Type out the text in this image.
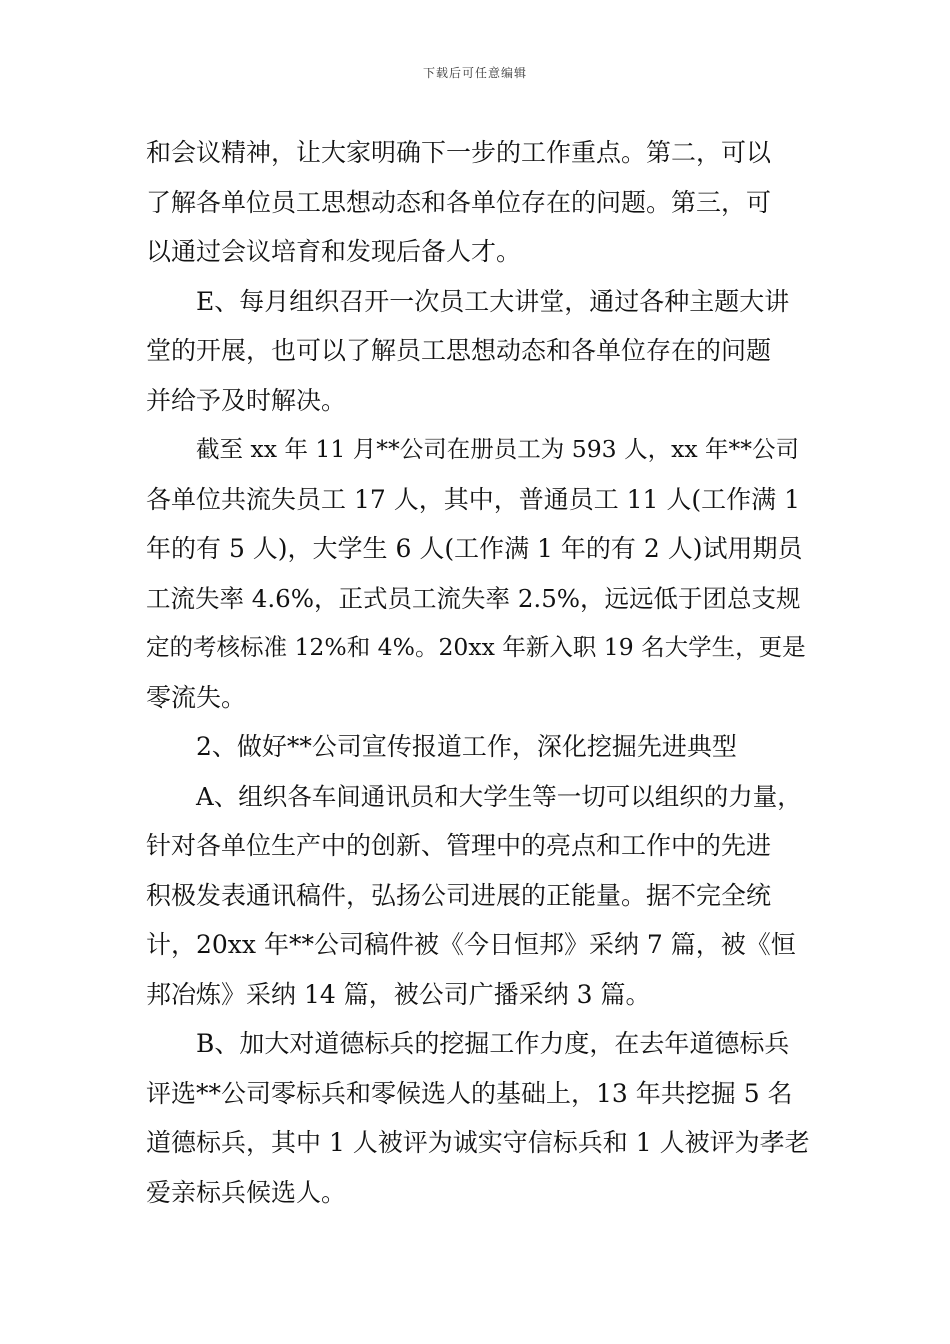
下载后可任意编辑
和会议精神，让大家明确下一步的工作重点。第二，可以
了解各单位员工思想动态和各单位存在的问题。第三，可
以通过会议培育和发现后备人才。
E、每月组织召开一次员工大讲堂，通过各种主题大讲
堂的开展，也可以了解员工思想动态和各单位存在的问题
并给予及时解决。
截至 xx 年 11 月**公司在册员工为 593 人，xx 年**公司
各单位共流失员工 17 人，其中，普通员工 11 人(工作满 1
年的有 5 人)，大学生 6 人(工作满 1 年的有 2 人)试用期员
工流失率 4.6%，正式员工流失率 2.5%，远远低于团总支规
定的考核标准 12%和 4%。20xx 年新入职 19 名大学生，更是
零流失。
2、做好**公司宣传报道工作，深化挖掘先进典型
A、组织各车间通讯员和大学生等一切可以组织的力量，
针对各单位生产中的创新、管理中的亮点和工作中的先进
积极发表通讯稿件，弘扬公司进展的正能量。据不完全统
计，20xx 年**公司稿件被《今日恒邦》采纳 7 篇，被《恒
邦冶炼》采纳 14 篇，被公司广播采纳 3 篇。
B、加大对道德标兵的挖掘工作力度，在去年道德标兵
评选**公司零标兵和零候选人的基础上，13 年共挖掘 5 名
道德标兵，其中 1 人被评为诚实守信标兵和 1 人被评为孝老
爱亲标兵候选人。
